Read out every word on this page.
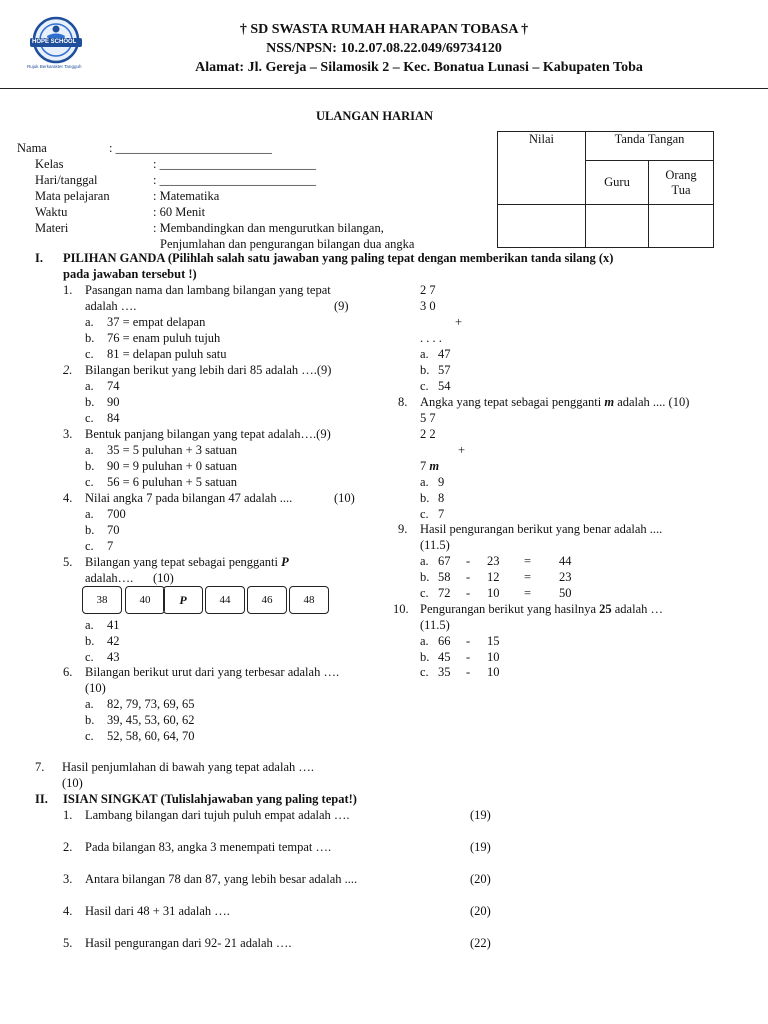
HOPE SCHOOL
Rujuk Berkarakter Tangguh
† SD SWASTA RUMAH HARAPAN TOBASA †
NSS/NPSN: 10.2.07.08.22.049/69734120
Alamat: Jl. Gereja – Silamosik 2 – Kec. Bonatua Lunasi – Kabupaten Toba
ULANGAN HARIAN
Nama	: _________________________
Kelas	: _________________________
Hari/tanggal	: _________________________
Mata pelajaran	: Matematika
Waktu	: 60 Menit
Materi	: Membandingkan dan mengurutkan bilangan,
Penjumlahan dan pengurangan bilangan dua angka
Nilai	Tanda Tangan	
	Guru	Orang
Tua

I. PILIHAN GANDA (Pilihlah salah satu jawaban yang paling tepat dengan memberikan tanda silang (x)
pada jawaban tersebut !)
1. Pasangan nama dan lambang bilangan yang tepat
adalah ….	(9)
a. 37 = empat delapan
b. 76 = enam puluh tujuh
c. 81 = delapan puluh satu
2. Bilangan berikut yang lebih dari 85 adalah ….(9)
a. 74
b. 90
c. 84
3. Bentuk panjang bilangan yang tepat adalah….(9)
a. 35 = 5 puluhan + 3 satuan
b. 90 = 9 puluhan + 0 satuan
c. 56 = 6 puluhan + 5 satuan
4. Nilai angka 7 pada bilangan 47 adalah ....	(10)
a. 700
b. 70
c. 7
5. Bilangan yang tepat sebagai pengganti P
adalah…. (10)
38	40	P	44	46	48
a. 41
b. 42
c. 43
6. Bilangan berikut urut dari yang terbesar adalah ….
(10)
a. 82, 79, 73, 69, 65
b. 39, 45, 53, 60, 62
c. 52, 58, 60, 64, 70
7. Hasil penjumlahan di bawah yang tepat adalah ….
(10)
2 7
3 0
+
. . . .
a. 47
b. 57
c. 54
8. Angka yang tepat sebagai pengganti m adalah .... (10)
5 7
2 2
+
7 m
a. 9
b. 8
c. 7
9. Hasil pengurangan berikut yang benar adalah ....
(11.5)
a. 67 - 23 = 44
b. 58 - 12 = 23
c. 72 - 10 = 50
10. Pengurangan berikut yang hasilnya 25 adalah …
(11.5)
a. 66 - 15
b. 45 - 10
c. 35 - 10
II. ISIAN SINGKAT (Tulislahjawaban yang paling tepat!)
1. Lambang bilangan dari tujuh puluh empat adalah ….	(19)
2. Pada bilangan 83, angka 3 menempati tempat ….	(19)
3. Antara bilangan 78 dan 87, yang lebih besar adalah ....	(20)
4. Hasil dari 48 + 31 adalah ….	(20)
5. Hasil pengurangan dari 92- 21 adalah ….	(22)
